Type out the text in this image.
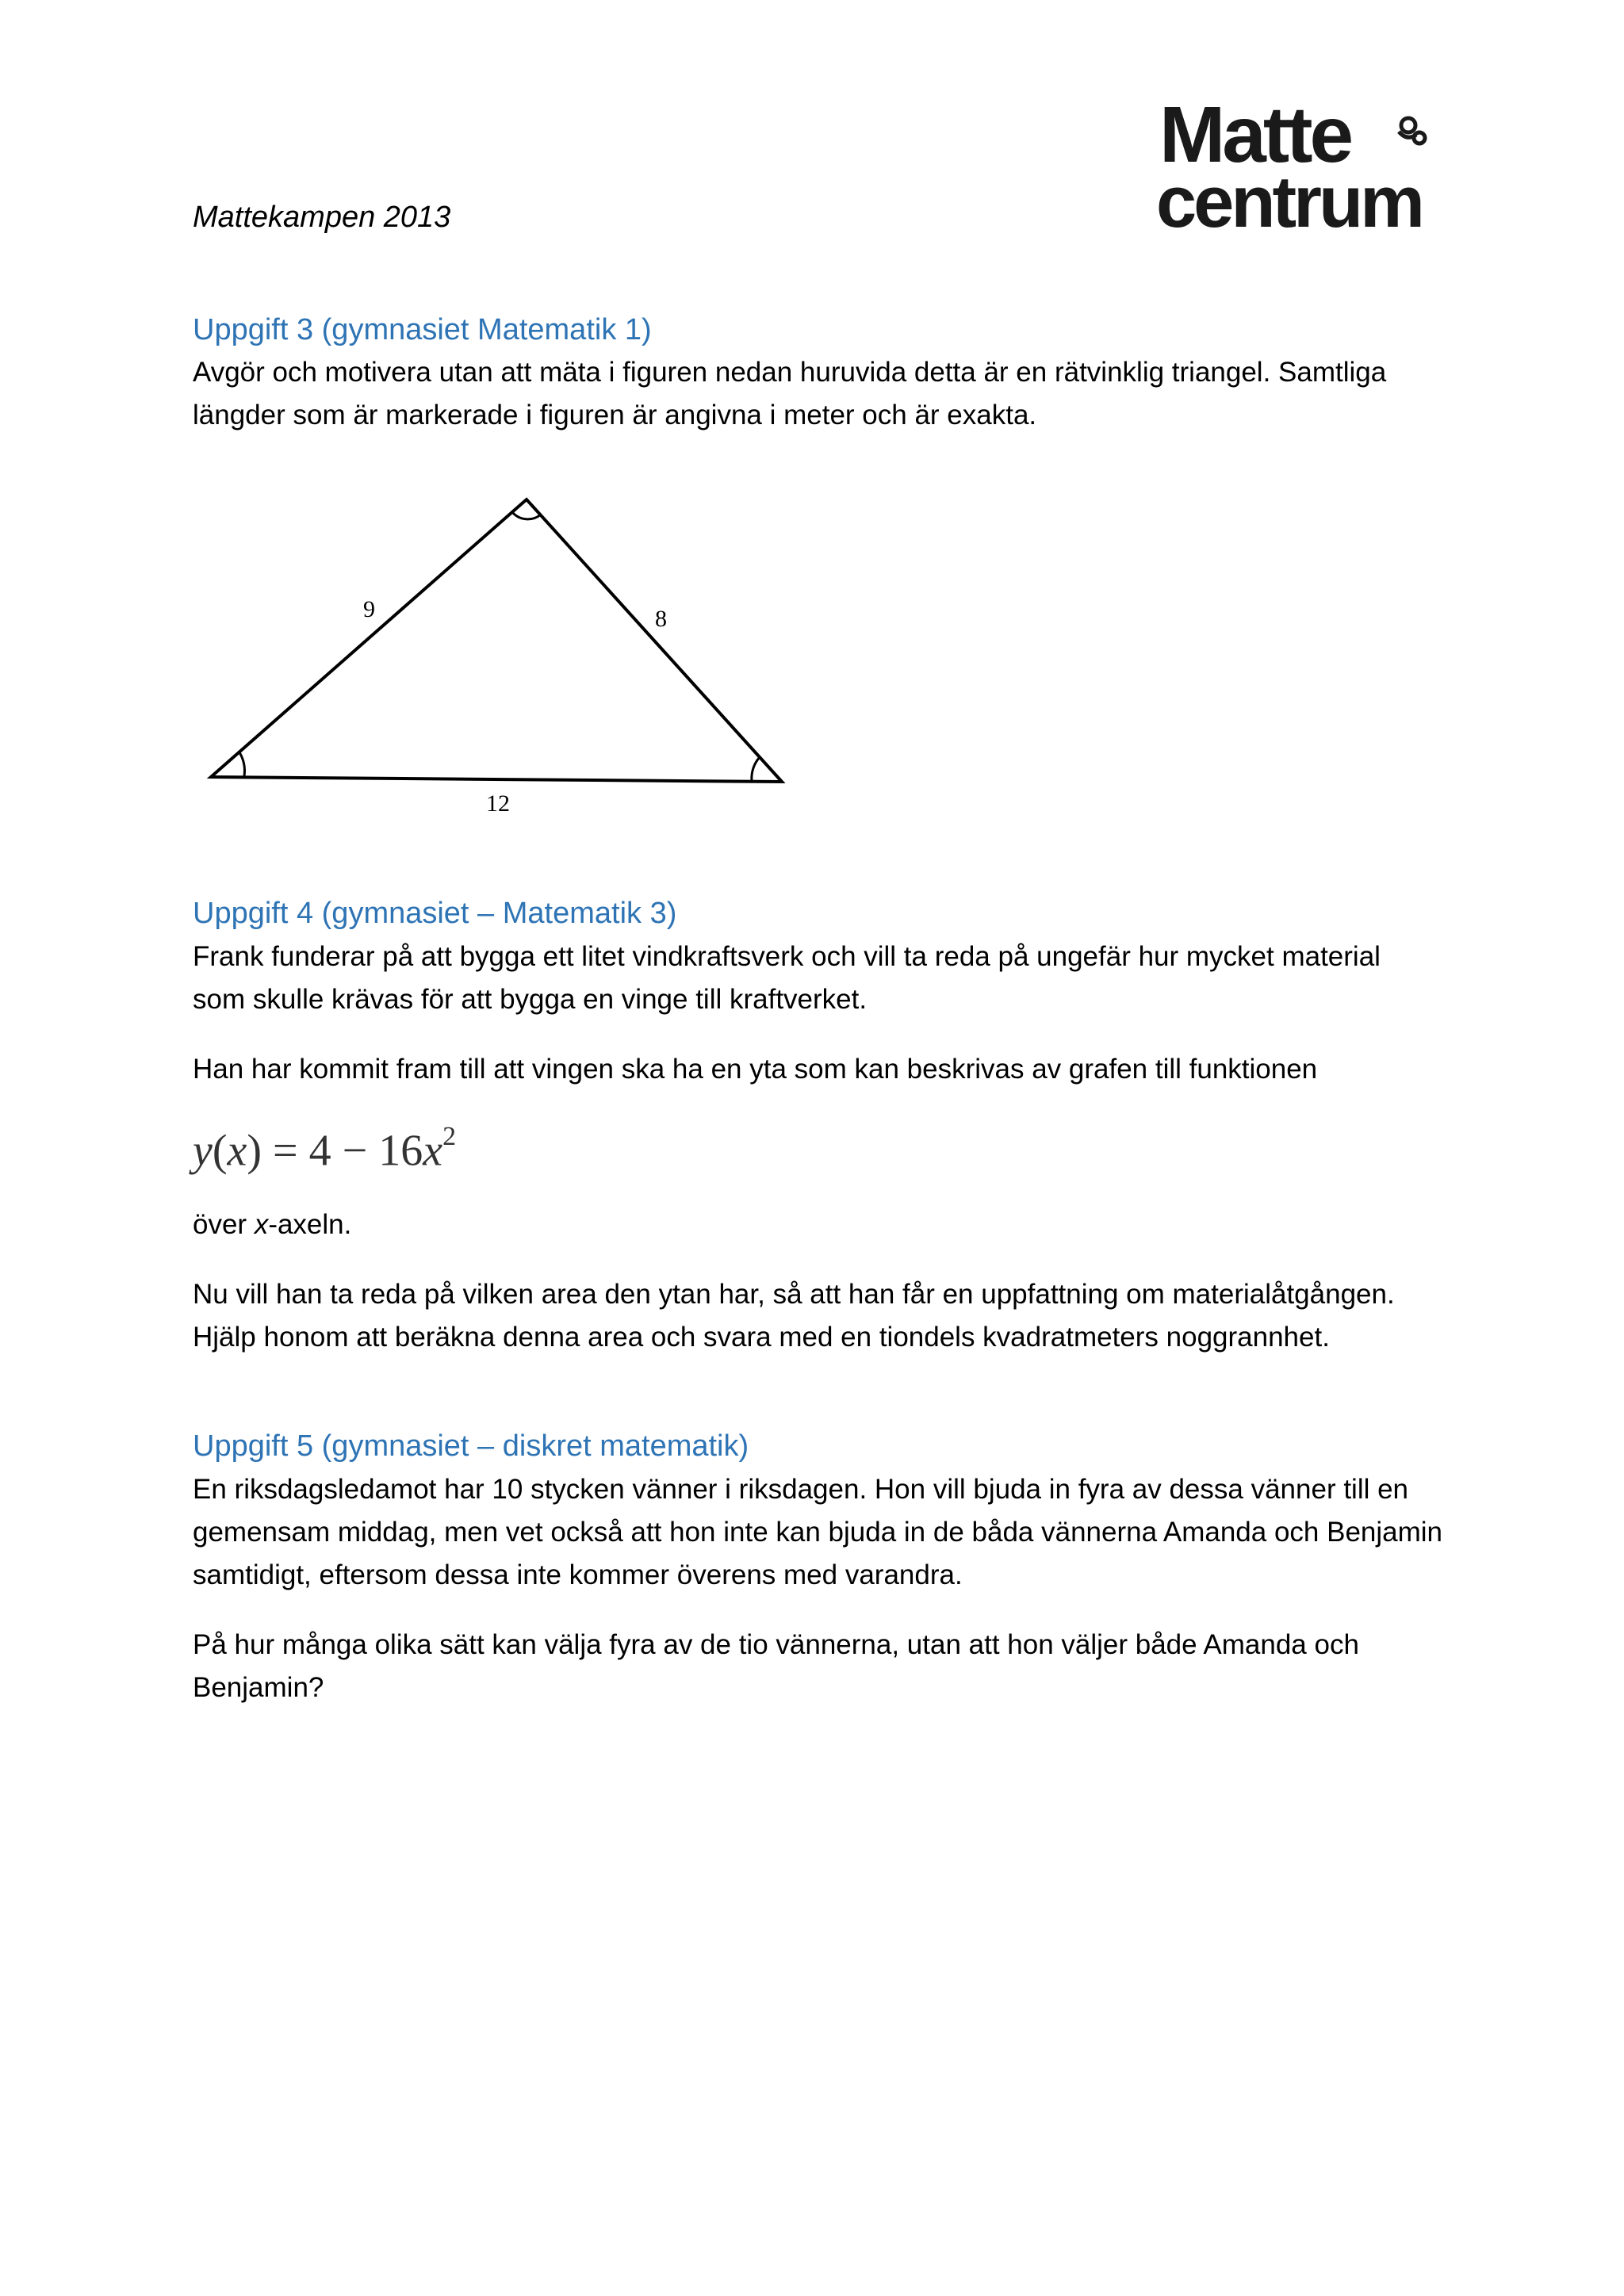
Mattekampen 2013
Matte
centrum
Uppgift 3 (gymnasiet Matematik 1)

Avgör och motivera utan att mäta i figuren nedan huruvida detta är en rätvinklig triangel. Samtliga
längder som är markerade i figuren är angivna i meter och är exakta.

9	8
12
Uppgift 4 (gymnasiet – Matematik 3)

Frank funderar på att bygga ett litet vindkraftsverk och vill ta reda på ungefär hur mycket material
som skulle krävas för att bygga en vinge till kraftverket.

Han har kommit fram till att vingen ska ha en yta som kan beskrivas av grafen till funktionen

$y(x) = 4 - 16x^2$

över x-axeln.

Nu vill han ta reda på vilken area den ytan har, så att han får en uppfattning om materialåtgången.
Hjälp honom att beräkna denna area och svara med en tiondels kvadratmeters noggrannhet.

Uppgift 5 (gymnasiet – diskret matematik)

En riksdagsledamot har 10 stycken vänner i riksdagen. Hon vill bjuda in fyra av dessa vänner till en
gemensam middag, men vet också att hon inte kan bjuda in de båda vännerna Amanda och Benjamin
samtidigt, eftersom dessa inte kommer överens med varandra.

På hur många olika sätt kan välja fyra av de tio vännerna, utan att hon väljer både Amanda och
Benjamin?
